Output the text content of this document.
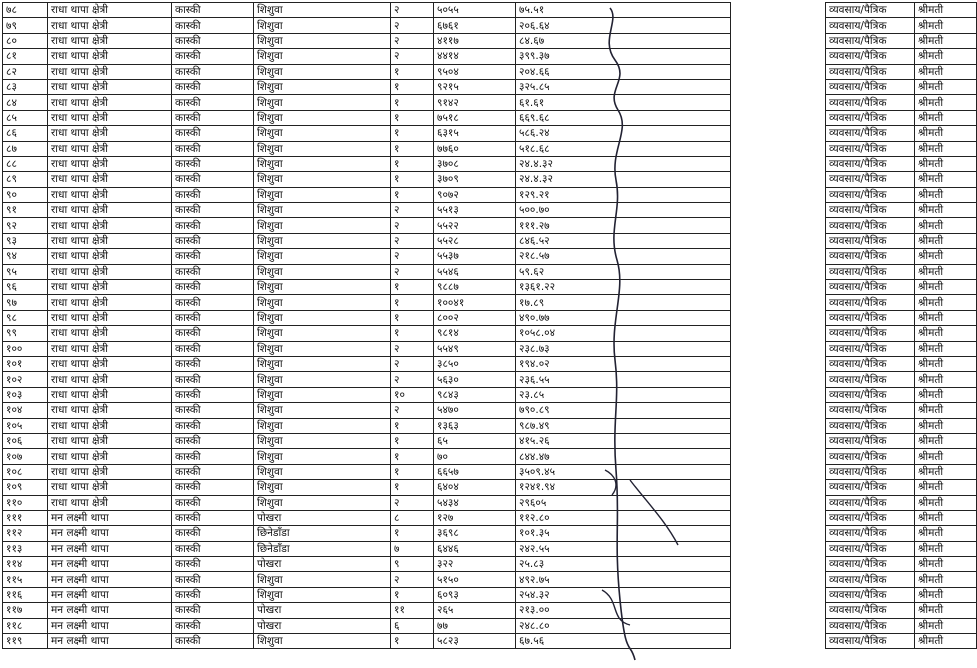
७८	राधा थापा क्षेत्री	कास्की	शिशुवा	२	५०५५	७५.५१		व्यवसाय/पैत्रिक	श्रीमती
७९	राधा थापा क्षेत्री	कास्की	शिशुवा	२	६७६१	२०६.६४		व्यवसाय/पैत्रिक	श्रीमती
८०	राधा थापा क्षेत्री	कास्की	शिशुवा	२	४११७	८४.६७		व्यवसाय/पैत्रिक	श्रीमती
८१	राधा थापा क्षेत्री	कास्की	शिशुवा	२	४४१४	३९९.३७		व्यवसाय/पैत्रिक	श्रीमती
८२	राधा थापा क्षेत्री	कास्की	शिशुवा	१	९५०४	२०४.६६		व्यवसाय/पैत्रिक	श्रीमती
८३	राधा थापा क्षेत्री	कास्की	शिशुवा	१	९२१५	३२५.८५		व्यवसाय/पैत्रिक	श्रीमती
८४	राधा थापा क्षेत्री	कास्की	शिशुवा	१	९१४२	६१.६१		व्यवसाय/पैत्रिक	श्रीमती
८५	राधा थापा क्षेत्री	कास्की	शिशुवा	१	७५१८	६६९.६८		व्यवसाय/पैत्रिक	श्रीमती
८६	राधा थापा क्षेत्री	कास्की	शिशुवा	१	६३१५	५८६.२४		व्यवसाय/पैत्रिक	श्रीमती
८७	राधा थापा क्षेत्री	कास्की	शिशुवा	१	७७६०	५१८.६८		व्यवसाय/पैत्रिक	श्रीमती
८८	राधा थापा क्षेत्री	कास्की	शिशुवा	१	३७०८	२४.४.३२		व्यवसाय/पैत्रिक	श्रीमती
८९	राधा थापा क्षेत्री	कास्की	शिशुवा	१	३७०९	२४.४.३२		व्यवसाय/पैत्रिक	श्रीमती
९०	राधा थापा क्षेत्री	कास्की	शिशुवा	१	९०७२	१२९.२१		व्यवसाय/पैत्रिक	श्रीमती
९१	राधा थापा क्षेत्री	कास्की	शिशुवा	२	५५१३	५००.७०		व्यवसाय/पैत्रिक	श्रीमती
९२	राधा थापा क्षेत्री	कास्की	शिशुवा	२	५५२२	१११.२७		व्यवसाय/पैत्रिक	श्रीमती
९३	राधा थापा क्षेत्री	कास्की	शिशुवा	२	५५२८	८४६.५२		व्यवसाय/पैत्रिक	श्रीमती
९४	राधा थापा क्षेत्री	कास्की	शिशुवा	२	५५३७	२१८.५७		व्यवसाय/पैत्रिक	श्रीमती
९५	राधा थापा क्षेत्री	कास्की	शिशुवा	२	५५४६	५९.६२		व्यवसाय/पैत्रिक	श्रीमती
९६	राधा थापा क्षेत्री	कास्की	शिशुवा	१	९८८७	१३६१.२२		व्यवसाय/पैत्रिक	श्रीमती
९७	राधा थापा क्षेत्री	कास्की	शिशुवा	१	१००४१	१७.८९		व्यवसाय/पैत्रिक	श्रीमती
९८	राधा थापा क्षेत्री	कास्की	शिशुवा	१	८००२	४९०.७७		व्यवसाय/पैत्रिक	श्रीमती
९९	राधा थापा क्षेत्री	कास्की	शिशुवा	१	९८१४	१०५८.०४		व्यवसाय/पैत्रिक	श्रीमती
१००	राधा थापा क्षेत्री	कास्की	शिशुवा	२	५५४९	२३८.७३		व्यवसाय/पैत्रिक	श्रीमती
१०१	राधा थापा क्षेत्री	कास्की	शिशुवा	२	३८५०	१९४.०२		व्यवसाय/पैत्रिक	श्रीमती
१०२	राधा थापा क्षेत्री	कास्की	शिशुवा	२	५६३०	२३६.५५		व्यवसाय/पैत्रिक	श्रीमती
१०३	राधा थापा क्षेत्री	कास्की	शिशुवा	१०	९८४३	२३.८५		व्यवसाय/पैत्रिक	श्रीमती
१०४	राधा थापा क्षेत्री	कास्की	शिशुवा	२	५४७०	७९०.८९		व्यवसाय/पैत्रिक	श्रीमती
१०५	राधा थापा क्षेत्री	कास्की	शिशुवा	१	१३६३	९८७.४९		व्यवसाय/पैत्रिक	श्रीमती
१०६	राधा थापा क्षेत्री	कास्की	शिशुवा	१	६५	४१५.२६		व्यवसाय/पैत्रिक	श्रीमती
१०७	राधा थापा क्षेत्री	कास्की	शिशुवा	१	७०	८४४.४७		व्यवसाय/पैत्रिक	श्रीमती
१०८	राधा थापा क्षेत्री	कास्की	शिशुवा	१	६६५७	३५०९.४५		व्यवसाय/पैत्रिक	श्रीमती
१०९	राधा थापा क्षेत्री	कास्की	शिशुवा	१	६४०४	१२४१.९४		व्यवसाय/पैत्रिक	श्रीमती
११०	राधा थापा क्षेत्री	कास्की	शिशुवा	२	५४३४	२९६०५		व्यवसाय/पैत्रिक	श्रीमती
१११	मन लक्ष्मी थापा	कास्की	पोखरा	८	१२७	११२.८०		व्यवसाय/पैत्रिक	श्रीमती
११२	मन लक्ष्मी थापा	कास्की	छिनेडाँडा	१	३६९८	१०१.३५		व्यवसाय/पैत्रिक	श्रीमती
११३	मन लक्ष्मी थापा	कास्की	छिनेडाँडा	७	६४४६	२४२.५५		व्यवसाय/पैत्रिक	श्रीमती
११४	मन लक्ष्मी थापा	कास्की	पोखरा	९	३२२	२५.८३		व्यवसाय/पैत्रिक	श्रीमती
११५	मन लक्ष्मी थापा	कास्की	शिशुवा	२	५१५०	४९२.७५		व्यवसाय/पैत्रिक	श्रीमती
११६	मन लक्ष्मी थापा	कास्की	शिशुवा	१	६०९३	२५४.३२		व्यवसाय/पैत्रिक	श्रीमती
११७	मन लक्ष्मी थापा	कास्की	पोखरा	११	२६५	२१३.००		व्यवसाय/पैत्रिक	श्रीमती
११८	मन लक्ष्मी थापा	कास्की	पोखरा	६	७७	२४८.८०		व्यवसाय/पैत्रिक	श्रीमती
११९	मन लक्ष्मी थापा	कास्की	शिशुवा	१	५८२३	६७.५६		व्यवसाय/पैत्रिक	श्रीमती
